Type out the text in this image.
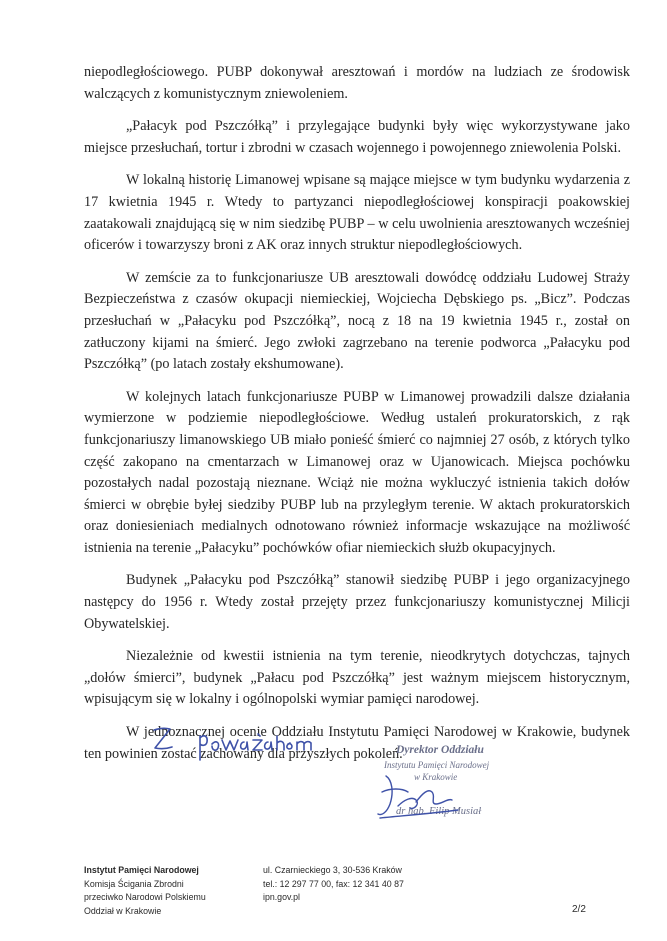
niepodległościowego. PUBP dokonywał aresztowań i mordów na ludziach ze środowisk walczących z komunistycznym zniewoleniem.

„Pałacyk pod Pszczółką” i przylegające budynki były więc wykorzystywane jako miejsce przesłuchań, tortur i zbrodni w czasach wojennego i powojennego zniewolenia Polski.

W lokalną historię Limanowej wpisane są mające miejsce w tym budynku wydarzenia z 17 kwietnia 1945 r. Wtedy to partyzanci niepodległościowej konspiracji poakowskiej zaatakowali znajdującą się w nim siedzibę PUBP – w celu uwolnienia aresztowanych wcześniej oficerów i towarzyszy broni z AK oraz innych struktur niepodległościowych.

W zemście za to funkcjonariusze UB aresztowali dowódcę oddziału Ludowej Straży Bezpieczeństwa z czasów okupacji niemieckiej, Wojciecha Dębskiego ps. „Bicz”. Podczas przesłuchań w „Pałacyku pod Pszczółką”, nocą z 18 na 19 kwietnia 1945 r., został on zatłuczony kijami na śmierć. Jego zwłoki zagrzebano na terenie podworca „Pałacyku pod Pszczółką” (po latach zostały ekshumowane).

W kolejnych latach funkcjonariusze PUBP w Limanowej prowadzili dalsze działania wymierzone w podziemie niepodległościowe. Według ustaleń prokuratorskich, z rąk funkcjonariuszy limanowskiego UB miało ponieść śmierć co najmniej 27 osób, z których tylko część zakopano na cmentarzach w Limanowej oraz w Ujanowicach. Miejsca pochówku pozostałych nadal pozostają nieznane. Wciąż nie można wykluczyć istnienia takich dołów śmierci w obrębie byłej siedziby PUBP lub na przyległym terenie. W aktach prokuratorskich oraz doniesieniach medialnych odnotowano również informacje wskazujące na możliwość istnienia na terenie „Pałacyku” pochówków ofiar niemieckich służb okupacyjnych.

Budynek „Pałacyku pod Pszczółką” stanowił siedzibę PUBP i jego organizacyjnego następcy do 1956 r. Wtedy został przejęty przez funkcjonariuszy komunistycznej Milicji Obywatelskiej.

Niezależnie od kwestii istnienia na tym terenie, nieodkrytych dotychczas, tajnych „dołów śmierci”, budynek „Pałacu pod Pszczółką” jest ważnym miejscem historycznym, wpisującym się w lokalny i ogólnopolski wymiar pamięci narodowej.

W jednoznacznej ocenie Oddziału Instytutu Pamięci Narodowej w Krakowie, budynek ten powinien zostać zachowany dla przyszłych pokoleń.

Dyrektor Oddziału
Instytutu Pamięci Narodowej
w Krakowie
dr hab. Filip Musiał
Instytut Pamięci Narodowej
Komisja Ścigania Zbrodni
przeciwko Narodowi Polskiemu
Oddział w Krakowie
ul. Czarnieckiego 3, 30-536 Kraków
tel.: 12 297 77 00, fax: 12 341 40 87
ipn.gov.pl
2/2
